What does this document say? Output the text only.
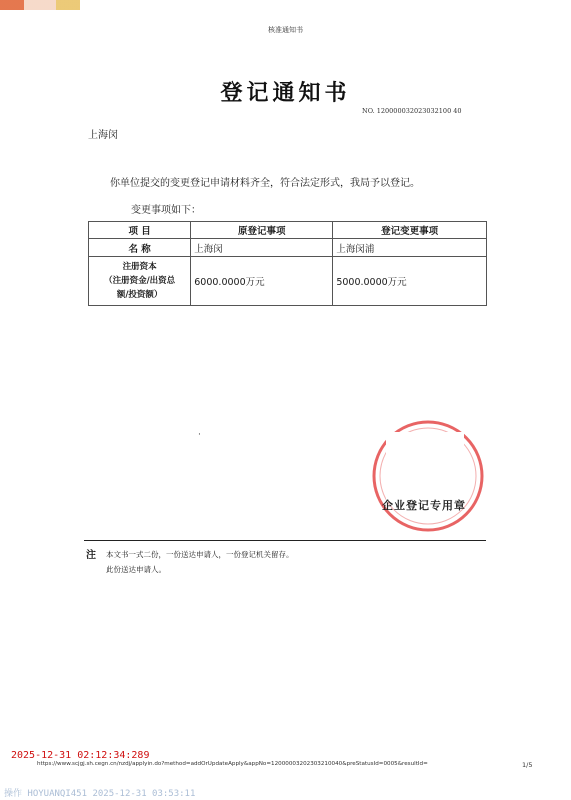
核准通知书
登记通知书
NO. 120000032023032100 40
上海闵
你单位提交的变更登记申请材料齐全，符合法定形式，我局予以登记。
变更事项如下：
项 目	原登记事项	登记变更事项
名 称	上海闵	上海闵浦

注册资本
（注册资金/出资总
额/投资额）	6000.0000万元	5000.0000万元
·
企业登记专用章
注 本文书一式二份，一份送达申请人，一份登记机关留存。
此份送达申请人。
2025-12-31 02:12:34:289
https://www.scjgj.sh.cegn.cn/nzdj/applyin.do?method=addOrUpdateApply&appNo=12000003202303210040&preStatusId=0005&resultId=	1/5
操作 HOYUANQI451 2025-12-31 03:53:11
